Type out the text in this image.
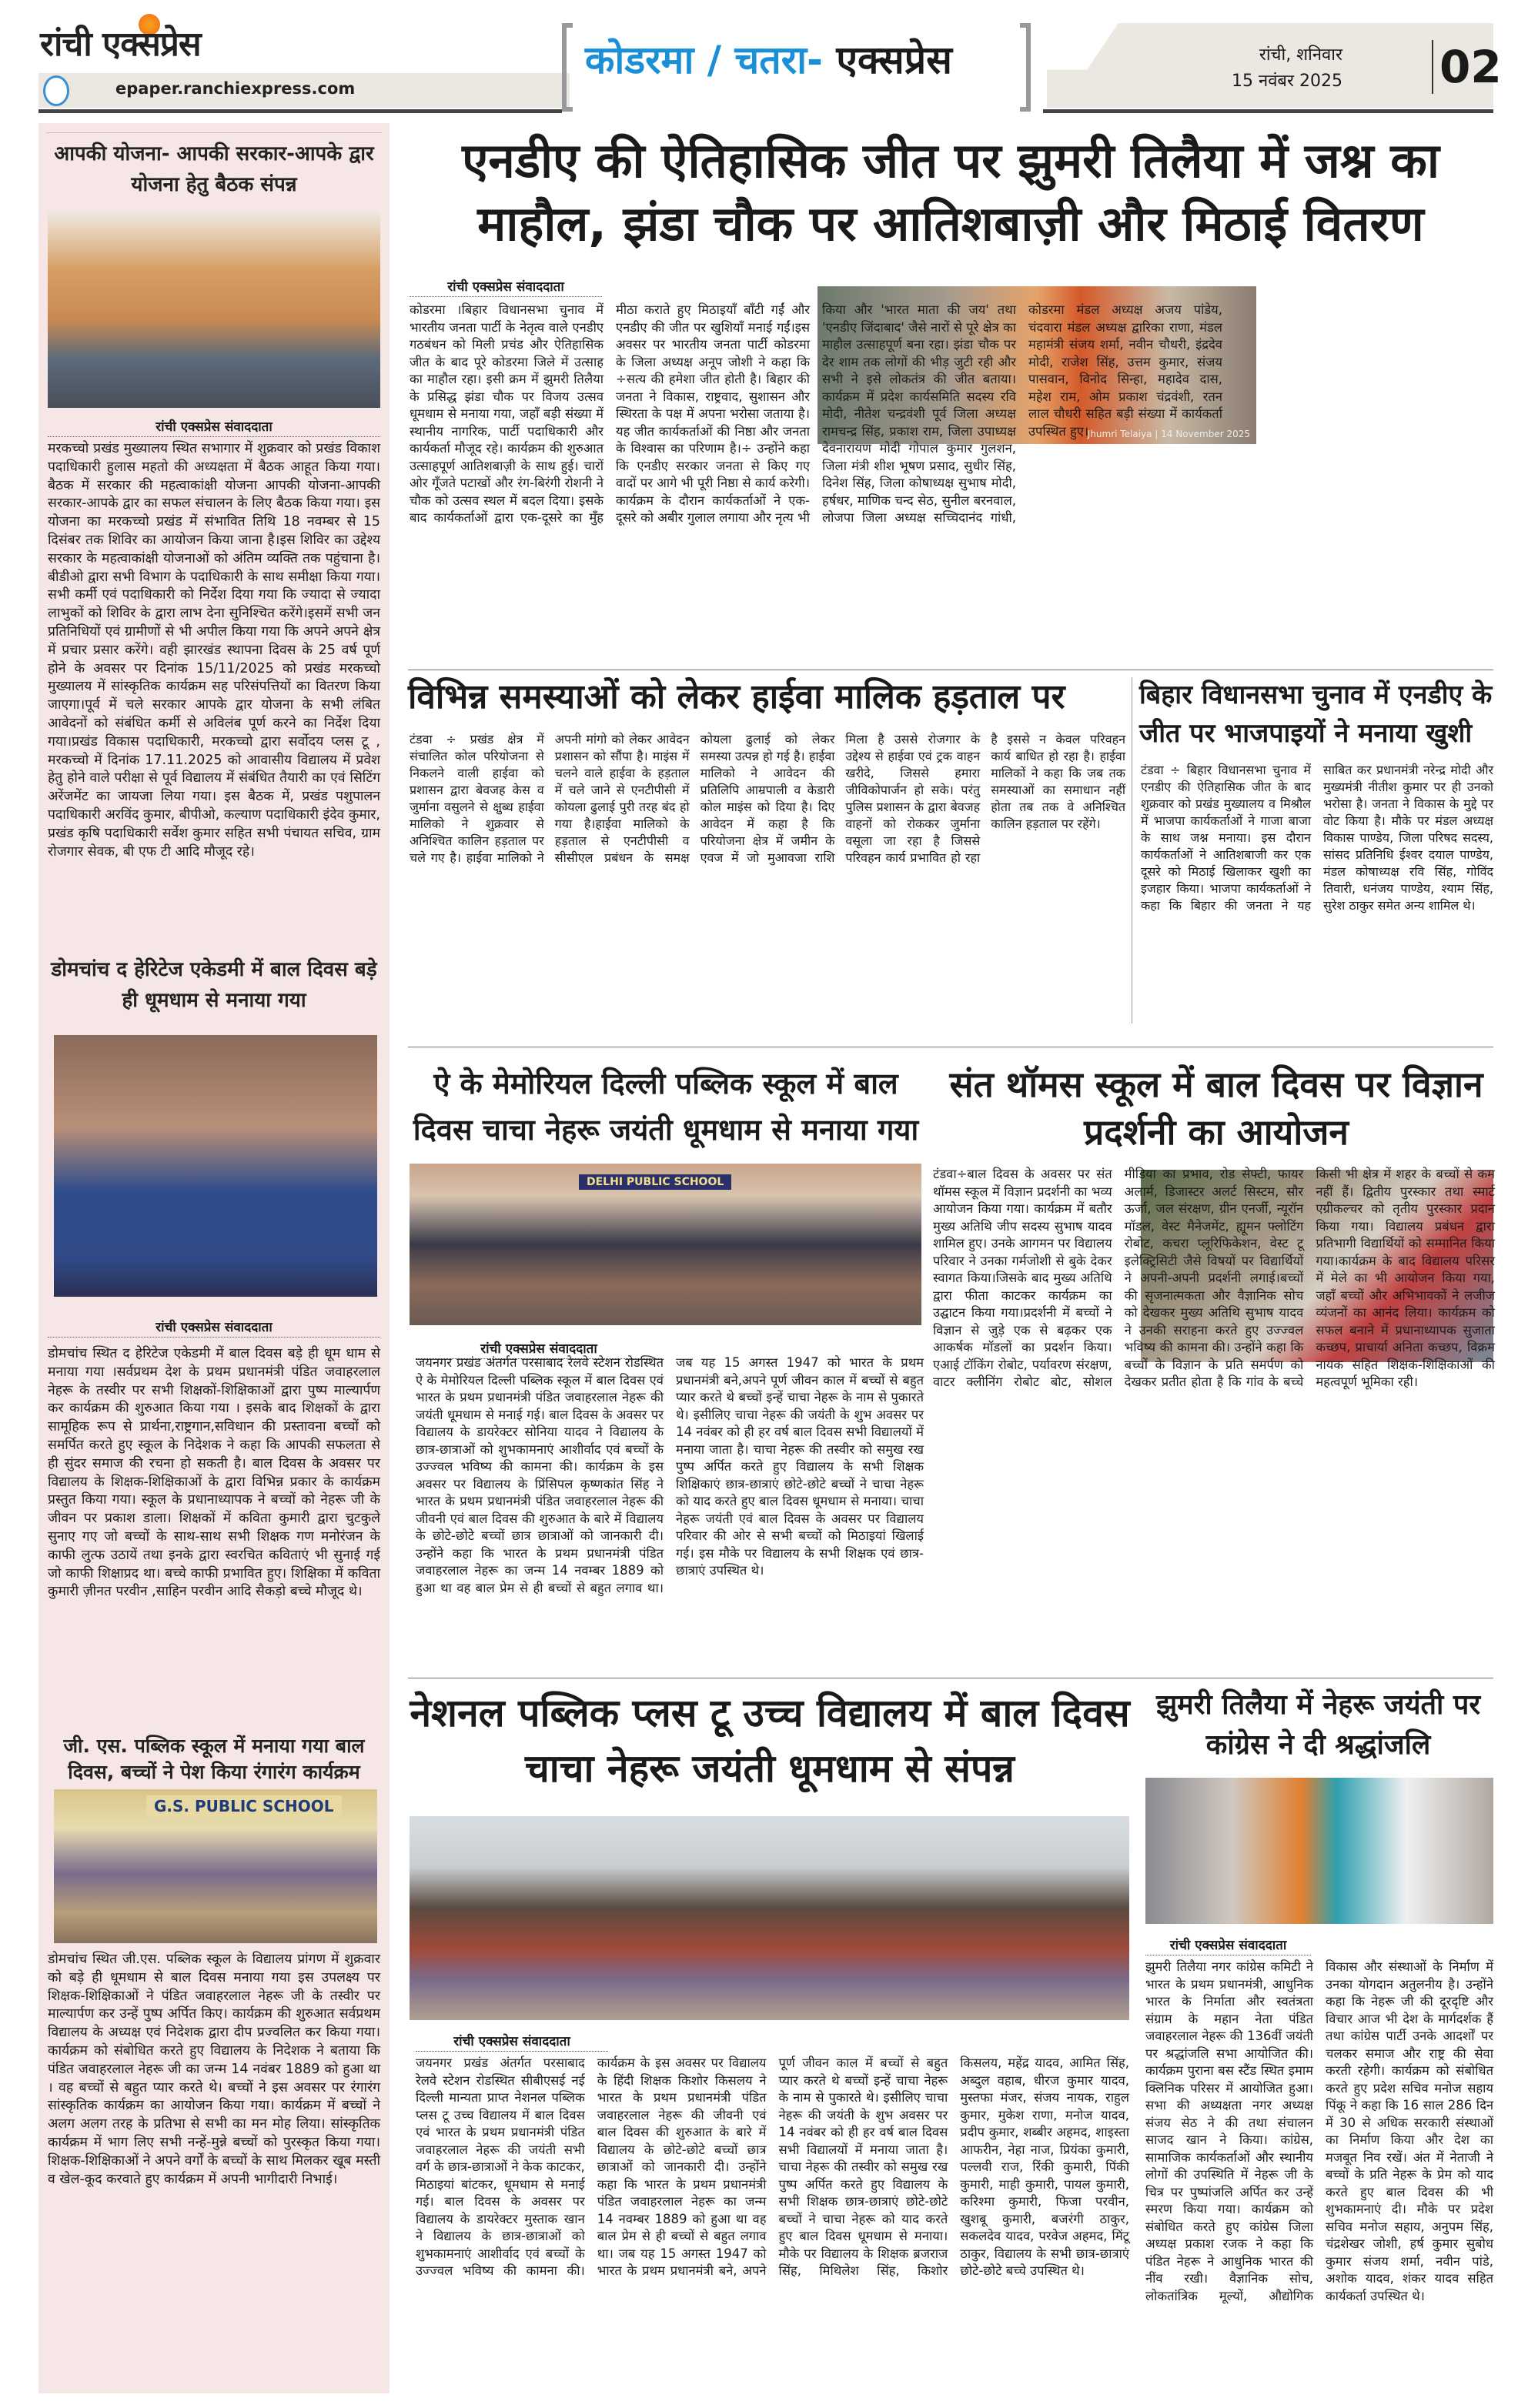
रांची एक्सप्रेस
epaper.ranchiexpress.com
कोडरमा / चतरा- एक्सप्रेस	रांची, शनिवार
15 नवंबर 2025 02
आपकी योजना- आपकी सरकार-आपके द्वार योजना हेतु बैठक संपन्न
रांची एक्सप्रेस संवाददाता
मरकच्चो प्रखंड मुख्यालय स्थित सभागार में शुक्रवार को प्रखंड विकाश पदाधिकारी हुलास महतो की अध्यक्षता में बैठक आहूत किया गया।बैठक में सरकार की महत्वाकांक्षी योजना आपकी योजना-आपकी सरकार-आपके द्वार का सफल संचालन के लिए बैठक किया गया। इस योजना का मरकच्चो प्रखंड में संभावित तिथि 18 नवम्बर से 15 दिसंबर तक शिविर का आयोजन किया जाना है।इस शिविर का उद्देश्य सरकार के महत्वाकांक्षी योजनाओं को अंतिम व्यक्ति तक पहुंचाना है। बीडीओ द्वारा सभी विभाग के पदाधिकारी के साथ समीक्षा किया गया।सभी कर्मी एवं पदाधिकारी को निर्देश दिया गया कि ज्यादा से ज्यादा लाभुकों को शिविर के द्वारा लाभ देना सुनिश्चित करेंगे।इसमें सभी जन प्रतिनिधियों एवं ग्रामीणों से भी अपील किया गया कि अपने अपने क्षेत्र में प्रचार प्रसार करेंगे। वही झारखंड स्थापना दिवस के 25 वर्ष पूर्ण होने के अवसर पर दिनांक 15/11/2025 को प्रखंड मरकच्चो मुख्यालय में सांस्कृतिक कार्यक्रम सह परिसंपत्तियों का वितरण किया जाएगा।पूर्व में चले सरकार आपके द्वार योजना के सभी लंबित आवेदनों को संबंधित कर्मी से अविलंब पूर्ण करने का निर्देश दिया गया।प्रखंड विकास पदाधिकारी, मरकच्चो द्वारा सर्वोदय प्लस टू , मरकच्चो में दिनांक 17.11.2025 को आवासीय विद्यालय में प्रवेश हेतु होने वाले परीक्षा से पूर्व विद्यालय में संबंधित तैयारी का एवं सिटिंग अरेंजमेंट का जायजा लिया गया। इस बैठक में, प्रखंड पशुपालन पदाधिकारी अरविंद कुमार, बीपीओ, कल्याण पदाधिकारी इंदेव कुमार, प्रखंड कृषि पदाधिकारी सर्वेश कुमार सहित सभी पंचायत सचिव, ग्राम रोजगार सेवक, बी एफ टी आदि मौजूद रहे।
डोमचांच द हेरिटेज एकेडमी में बाल दिवस बड़े ही धूमधाम से मनाया गया
रांची एक्सप्रेस संवाददाता
डोमचांच स्थित द हेरिटेज एकेडमी में बाल दिवस बड़े ही धूम धाम से मनाया गया ।सर्वप्रथम देश के प्रथम प्रधानमंत्री पंडित जवाहरलाल नेहरू के तस्वीर पर सभी शिक्षकों-शिक्षिकाओं द्वारा पुष्प माल्यार्पण कर कार्यक्रम की शुरुआत किया गया । इसके बाद शिक्षकों के द्वारा सामूहिक रूप से प्रार्थना,राष्ट्रगान,सविधान की प्रस्तावना बच्चों को समर्पित करते हुए स्कूल के निदेशक ने कहा कि आपकी सफलता से ही सुंदर समाज की रचना हो सकती है। बाल दिवस के अवसर पर विद्यालय के शिक्षक-शिक्षिकाओं के द्वारा विभिन्न प्रकार के कार्यक्रम प्रस्तुत किया गया। स्कूल के प्रधानाध्यापक ने बच्चों को नेहरू जी के जीवन पर प्रकाश डाला। शिक्षकों में कविता कुमारी द्वारा चुटकुले सुनाए गए जो बच्चों के साथ-साथ सभी शिक्षक गण मनोरंजन के काफी लुत्फ उठायें तथा इनके द्वारा स्वरचित कविताएं भी सुनाई गई जो काफी शिक्षाप्रद था। बच्चे काफी प्रभावित हुए। शिक्षिका में कविता कुमारी ज़ीनत परवीन ,साहिन परवीन आदि सैकड़ो बच्चे मौजूद थे।
जी. एस. पब्लिक स्कूल में मनाया गया बाल दिवस, बच्चों ने पेश किया रंगारंग कार्यक्रम
G.S. PUBLIC SCHOOL
डोमचांच स्थित जी.एस. पब्लिक स्कूल के विद्यालय प्रांगण में शुक्रवार को बड़े ही धूमधाम से बाल दिवस मनाया गया इस उपलक्ष्य पर शिक्षक-शिक्षिकाओं ने पंडित जवाहरलाल नेहरू जी के तस्वीर पर माल्यार्पण कर उन्हें पुष्प अर्पित किए। कार्यक्रम की शुरुआत सर्वप्रथम विद्यालय के अध्यक्ष एवं निदेशक द्वारा दीप प्रज्वलित कर किया गया। कार्यक्रम को संबोधित करते हुए विद्यालय के निदेशक ने बताया कि पंडित जवाहरलाल नेहरू जी का जन्म 14 नवंबर 1889 को हुआ था । वह बच्चों से बहुत प्यार करते थे। बच्चों ने इस अवसर पर रंगारंग सांस्कृतिक कार्यक्रम का आयोजन किया गया। कार्यक्रम में बच्चों ने अलग अलग तरह के प्रतिभा से सभी का मन मोह लिया। सांस्कृतिक कार्यक्रम में भाग लिए सभी नन्हें-मुन्ने बच्चों को पुरस्कृत किया गया। शिक्षक-शिक्षिकाओं ने अपने वर्गों के बच्चों के साथ मिलकर खूब मस्ती व खेल-कूद करवाते हुए कार्यक्रम में अपनी भागीदारी निभाई।
एनडीए की ऐतिहासिक जीत पर झुमरी तिलैया में जश्न का माहौल, झंडा चौक पर आतिशबाज़ी और मिठाई वितरण
रांची एक्सप्रेस संवाददाता
Jhumri Telaiya | 14 November 2025
कोडरमा ।बिहार विधानसभा चुनाव में भारतीय जनता पार्टी के नेतृत्व वाले एनडीए गठबंधन को मिली प्रचंड और ऐतिहासिक जीत के बाद पूरे कोडरमा जिले में उत्साह का माहौल रहा। इसी क्रम में झुमरी तिलैया के प्रसिद्ध झंडा चौक पर विजय उत्सव धूमधाम से मनाया गया, जहाँ बड़ी संख्या में स्थानीय नागरिक, पार्टी पदाधिकारी और कार्यकर्ता मौजूद रहे। कार्यक्रम की शुरुआत उत्साहपूर्ण आतिशबाज़ी के साथ हुई। चारों ओर गूँजते पटाखों और रंग-बिरंगी रोशनी ने चौक को उत्सव स्थल में बदल दिया। इसके बाद कार्यकर्ताओं द्वारा एक-दूसरे का मुँह मीठा कराते हुए मिठाइयाँ बाँटी गईं और एनडीए की जीत पर खुशियाँ मनाई गईं।इस अवसर पर भारतीय जनता पार्टी कोडरमा के जिला अध्यक्ष अनूप जोशी ने कहा कि ÷सत्य की हमेशा जीत होती है। बिहार की जनता ने विकास, राष्ट्रवाद, सुशासन और स्थिरता के पक्ष में अपना भरोसा जताया है। यह जीत कार्यकर्ताओं की निष्ठा और जनता के विश्वास का परिणाम है।÷ उन्होंने कहा कि एनडीए सरकार जनता से किए गए वादों पर आगे भी पूरी निष्ठा से कार्य करेगी। कार्यक्रम के दौरान कार्यकर्ताओं ने एक-दूसरे को अबीर गुलाल लगाया और नृत्य भी किया और 'भारत माता की जय' तथा 'एनडीए जिंदाबाद' जैसे नारों से पूरे क्षेत्र का माहौल उत्साहपूर्ण बना रहा। झंडा चौक पर देर शाम तक लोगों की भीड़ जुटी रही और सभी ने इसे लोकतंत्र की जीत बताया।कार्यक्रम में प्रदेश कार्यसमिति सदस्य रवि मोदी, नीतेश चन्द्रवंशी पूर्व जिला अध्यक्ष रामचन्द्र सिंह, प्रकाश राम, जिला उपाध्यक्ष देवनारायण मोदी गोपाल कुमार गुलशन, जिला मंत्री शीश भूषण प्रसाद, सुधीर सिंह, दिनेश सिंह, जिला कोषाध्यक्ष सुभाष मोदी, हर्षधर, माणिक चन्द सेठ, सुनील बरनवाल, लोजपा जिला अध्यक्ष सच्चिदानंद गांधी, कोडरमा मंडल अध्यक्ष अजय पांडेय, चंदवारा मंडल अध्यक्ष द्वारिका राणा, मंडल महामंत्री संजय शर्मा, नवीन चौधरी, इंद्रदेव मोदी, राजेश सिंह, उत्तम कुमार, संजय पासवान, विनोद सिन्हा, महादेव दास, महेश राम, ओम प्रकाश चंद्रवंशी, रतन लाल चौधरी सहित बड़ी संख्या में कार्यकर्ता उपस्थित हुए।
विभिन्न समस्याओं को लेकर हाईवा मालिक हड़ताल पर
टंडवा ÷ प्रखंड क्षेत्र में संचालित कोल परियोजना से निकलने वाली हाईवा को प्रशासन द्वारा बेवजह केस व जुर्माना वसुलने से क्षुब्ध हाईवा मालिको ने शुक्रवार से अनिश्चित कालिन हड़ताल पर चले गए है। हाईवा मालिको ने अपनी मांगो को लेकर आवेदन प्रशासन को सौंपा है। माइंस में चलने वाले हाईवा के हड़ताल में चले जाने से एनटीपीसी में कोयला ढुलाई पुरी तरह बंद हो गया है।हाईवा मालिको के हड़ताल से एनटीपीसी व सीसीएल प्रबंधन के समक्ष कोयला ढुलाई को लेकर समस्या उत्पन्न हो गई है। हाईवा मालिको ने आवेदन की प्रतिलिपि आम्रपाली व केडारी कोल माइंस को दिया है। दिए आवेदन में कहा है कि परियोजना क्षेत्र में जमीन के एवज में जो मुआवजा राशि मिला है उससे रोजगार के उद्देश्य से हाईवा एवं ट्रक वाहन खरीदे, जिससे हमारा जीविकोपार्जन हो सके। परंतु पुलिस प्रशासन के द्वारा बेवजह वाहनों को रोककर जुर्माना वसूला जा रहा है जिससे परिवहन कार्य प्रभावित हो रहा है इससे न केवल परिवहन कार्य बाधित हो रहा है। हाईवा मालिकों ने कहा कि जब तक समस्याओं का समाधान नहीं होता तब तक वे अनिश्चित कालिन हड़ताल पर रहेंगे।
बिहार विधानसभा चुनाव में एनडीए के जीत पर भाजपाइयों ने मनाया खुशी
टंडवा ÷ बिहार विधानसभा चुनाव में एनडीए की ऐतिहासिक जीत के बाद शुक्रवार को प्रखंड मुख्यालय व मिश्रौल में भाजपा कार्यकर्ताओं ने गाजा बाजा के साथ जश्न मनाया। इस दौरान कार्यकर्ताओं ने आतिशबाजी कर एक दूसरे को मिठाई खिलाकर खुशी का इजहार किया। भाजपा कार्यकर्ताओं ने कहा कि बिहार की जनता ने यह साबित कर प्रधानमंत्री नरेन्द्र मोदी और मुख्यमंत्री नीतीश कुमार पर ही उनको भरोसा है। जनता ने विकास के मुद्दे पर वोट किया है। मौके पर मंडल अध्यक्ष विकास पाण्डेय, जिला परिषद सदस्य, सांसद प्रतिनिधि ईश्वर दयाल पाण्डेय, मंडल कोषाध्यक्ष रवि सिंह, गोविंद तिवारी, धनंजय पाण्डेय, श्याम सिंह, सुरेश ठाकुर समेत अन्य शामिल थे।
ऐ के मेमोरियल दिल्ली पब्लिक स्कूल में बाल दिवस चाचा नेहरू जयंती धूमधाम से मनाया गया
DELHI PUBLIC SCHOOL
रांची एक्सप्रेस संवाददाता
जयनगर प्रखंड अंतर्गत परसाबाद रेलवे स्टेशन रोडस्थित ऐ के मेमोरियल दिल्ली पब्लिक स्कूल में बाल दिवस एवं भारत के प्रथम प्रधानमंत्री पंडित जवाहरलाल नेहरू की जयंती धूमधाम से मनाई गई। बाल दिवस के अवसर पर विद्यालय के डायरेक्टर सोनिया यादव ने विद्यालय के छात्र-छात्राओं को शुभकामनाएं आशीर्वाद एवं बच्चों के उज्ज्वल भविष्य की कामना की। कार्यक्रम के इस अवसर पर विद्यालय के प्रिंसिपल कृष्णकांत सिंह ने भारत के प्रथम प्रधानमंत्री पंडित जवाहरलाल नेहरू की जीवनी एवं बाल दिवस की शुरुआत के बारे में विद्यालय के छोटे-छोटे बच्चों छात्र छात्राओं को जानकारी दी। उन्होंने कहा कि भारत के प्रथम प्रधानमंत्री पंडित जवाहरलाल नेहरू का जन्म 14 नवम्बर 1889 को हुआ था वह बाल प्रेम से ही बच्चों से बहुत लगाव था। जब यह 15 अगस्त 1947 को भारत के प्रथम प्रधानमंत्री बने,अपने पूर्ण जीवन काल में बच्चों से बहुत प्यार करते थे बच्चों इन्हें चाचा नेहरू के नाम से पुकारते थे। इसीलिए चाचा नेहरू की जयंती के शुभ अवसर पर 14 नवंबर को ही हर वर्ष बाल दिवस सभी विद्यालयों में मनाया जाता है। चाचा नेहरू की तस्वीर को समुख रख पुष्प अर्पित करते हुए विद्यालय के सभी शिक्षक शिक्षिकाएं छात्र-छात्राएं छोटे-छोटे बच्चों ने चाचा नेहरू को याद करते हुए बाल दिवस धूमधाम से मनाया। चाचा नेहरू जयंती एवं बाल दिवस के अवसर पर विद्यालय परिवार की ओर से सभी बच्चों को मिठाइयां खिलाई गई। इस मौके पर विद्यालय के सभी शिक्षक एवं छात्र-छात्राएं उपस्थित थे।
संत थॉमस स्कूल में बाल दिवस पर विज्ञान प्रदर्शनी का आयोजन
टंडवा÷बाल दिवस के अवसर पर संत थॉमस स्कूल में विज्ञान प्रदर्शनी का भव्य आयोजन किया गया। कार्यक्रम में बतौर मुख्य अतिथि जीप सदस्य सुभाष यादव शामिल हुए। उनके आगमन पर विद्यालय परिवार ने उनका गर्मजोशी से बुके देकर स्वागत किया।जिसके बाद मुख्य अतिथि द्वारा फीता काटकर कार्यक्रम का उद्घाटन किया गया।प्रदर्शनी में बच्चों ने विज्ञान से जुड़े एक से बढ़कर एक आकर्षक मॉडलों का प्रदर्शन किया। एआई टॉकिंग रोबोट, पर्यावरण संरक्षण, वाटर क्लीनिंग रोबोट बोट, सोशल मीडिया का प्रभाव, रोड सेफ्टी, फायर अलार्म, डिजास्टर अलर्ट सिस्टम, सौर ऊर्जा, जल संरक्षण, ग्रीन एनर्जी, न्यूरॉन मॉडल, वेस्ट मैनेजमेंट, ह्यूमन फ्लोटिंग रोबोट, कचरा प्लूरिफिकेशन, वेस्ट टू इलेक्ट्रिसिटी जैसे विषयों पर विद्यार्थियों ने अपनी-अपनी प्रदर्शनी लगाई।बच्चों की सृजनात्मकता और वैज्ञानिक सोच को देखकर मुख्य अतिथि सुभाष यादव ने उनकी सराहना करते हुए उज्ज्वल भविष्य की कामना की। उन्होंने कहा कि बच्चों के विज्ञान के प्रति समर्पण को देखकर प्रतीत होता है कि गांव के बच्चे किसी भी क्षेत्र में शहर के बच्चों से कम नहीं हैं। द्वितीय पुरस्कार तथा स्मार्ट एग्रीकल्चर को तृतीय पुरस्कार प्रदान किया गया। विद्यालय प्रबंधन द्वारा प्रतिभागी विद्यार्थियों को सम्मानित किया गया।कार्यक्रम के बाद विद्यालय परिसर में मेले का भी आयोजन किया गया, जहाँ बच्चों और अभिभावकों ने लजीज व्यंजनों का आनंद लिया। कार्यक्रम को सफल बनाने में प्रधानाध्यापक सुजाता कच्छप, प्राचार्या अनिता कच्छप, विक्रम नायक सहित शिक्षक-शिक्षिकाओं की महत्वपूर्ण भूमिका रही।
नेशनल पब्लिक प्लस टू उच्च विद्यालय में बाल दिवस चाचा नेहरू जयंती धूमधाम से संपन्न
रांची एक्सप्रेस संवाददाता
जयनगर प्रखंड अंतर्गत परसाबाद रेलवे स्टेशन रोडस्थित सीबीएसई नई दिल्ली मान्यता प्राप्त नेशनल पब्लिक प्लस टू उच्च विद्यालय में बाल दिवस एवं भारत के प्रथम प्रधानमंत्री पंडित जवाहरलाल नेहरू की जयंती सभी वर्ग के छात्र-छात्राओं ने केक काटकर, मिठाइयां बांटकर, धूमधाम से मनाई गई। बाल दिवस के अवसर पर विद्यालय के डायरेक्टर मुस्ताक खान ने विद्यालय के छात्र-छात्राओं को शुभकामनाएं आशीर्वाद एवं बच्चों के उज्ज्वल भविष्य की कामना की। कार्यक्रम के इस अवसर पर विद्यालय के हिंदी शिक्षक किशोर किसलय ने भारत के प्रथम प्रधानमंत्री पंडित जवाहरलाल नेहरू की जीवनी एवं बाल दिवस की शुरुआत के बारे में विद्यालय के छोटे-छोटे बच्चों छात्र छात्राओं को जानकारी दी। उन्होंने कहा कि भारत के प्रथम प्रधानमंत्री पंडित जवाहरलाल नेहरू का जन्म 14 नवम्बर 1889 को हुआ था वह बाल प्रेम से ही बच्चों से बहुत लगाव था। जब यह 15 अगस्त 1947 को भारत के प्रथम प्रधानमंत्री बने, अपने पूर्ण जीवन काल में बच्चों से बहुत प्यार करते थे बच्चों इन्हें चाचा नेहरू के नाम से पुकारते थे। इसीलिए चाचा नेहरू की जयंती के शुभ अवसर पर 14 नवंबर को ही हर वर्ष बाल दिवस सभी विद्यालयों में मनाया जाता है। चाचा नेहरू की तस्वीर को समुख रख पुष्प अर्पित करते हुए विद्यालय के सभी शिक्षक छात्र-छात्राएं छोटे-छोटे बच्चों ने चाचा नेहरू को याद करते हुए बाल दिवस धूमधाम से मनाया। मौके पर विद्यालय के शिक्षक ब्रजराज सिंह, मिथिलेश सिंह, किशोर किसलय, महेंद्र यादव, आमित सिंह, अब्दुल वहाब, धीरज कुमार यादव, मुस्तफा मंजर, संजय नायक, राहुल कुमार, मुकेश राणा, मनोज यादव, प्रदीप कुमार, शब्बीर अहमद, शाइस्ता आफरीन, नेहा नाज, प्रियंका कुमारी, पल्लवी राज, रिंकी कुमारी, पिंकी कुमारी, माही कुमारी, पायल कुमारी, करिश्मा कुमारी, फिजा परवीन, खुशबू कुमारी, बजरंगी ठाकुर, सकलदेव यादव, परवेज अहमद, मिंटू ठाकुर, विद्यालय के सभी छात्र-छात्राएं छोटे-छोटे बच्चे उपस्थित थे।
झुमरी तिलैया में नेहरू जयंती पर कांग्रेस ने दी श्रद्धांजलि
रांची एक्सप्रेस संवाददाता
झुमरी तिलैया नगर कांग्रेस कमिटी ने भारत के प्रथम प्रधानमंत्री, आधुनिक भारत के निर्माता और स्वतंत्रता संग्राम के महान नेता पंडित जवाहरलाल नेहरू की 136वीं जयंती पर श्रद्धांजलि सभा आयोजित की। कार्यक्रम पुराना बस स्टैंड स्थित इमाम क्लिनिक परिसर में आयोजित हुआ। सभा की अध्यक्षता नगर अध्यक्ष संजय सेठ ने की तथा संचालन साजद खान ने किया। कांग्रेस, सामाजिक कार्यकर्ताओं और स्थानीय लोगों की उपस्थिति में नेहरू जी के चित्र पर पुष्पांजलि अर्पित कर उन्हें स्मरण किया गया। कार्यक्रम को संबोधित करते हुए कांग्रेस जिला अध्यक्ष प्रकाश रजक ने कहा कि पंडित नेहरू ने आधुनिक भारत की नींव रखी। वैज्ञानिक सोच, लोकतांत्रिक मूल्यों, औद्योगिक विकास और संस्थाओं के निर्माण में उनका योगदान अतुलनीय है। उन्होंने कहा कि नेहरू जी की दूरदृष्टि और विचार आज भी देश के मार्गदर्शक हैं तथा कांग्रेस पार्टी उनके आदर्शों पर चलकर समाज और राष्ट्र की सेवा करती रहेगी। कार्यक्रम को संबोधित करते हुए प्रदेश सचिव मनोज सहाय पिंकू ने कहा कि 16 साल 286 दिन में 30 से अधिक सरकारी संस्थाओं का निर्माण किया और देश का मजबूत निव रखें। अंत में नेताजी ने बच्चों के प्रति नेहरू के प्रेम को याद करते हुए बाल दिवस की भी शुभकामनाएं दी। मौके पर प्रदेश सचिव मनोज सहाय, अनुपम सिंह, चंद्रशेखर जोशी, हर्ष कुमार सुबोध कुमार संजय शर्मा, नवीन पांडे, अशोक यादव, शंकर यादव सहित कार्यकर्ता उपस्थित थे।
